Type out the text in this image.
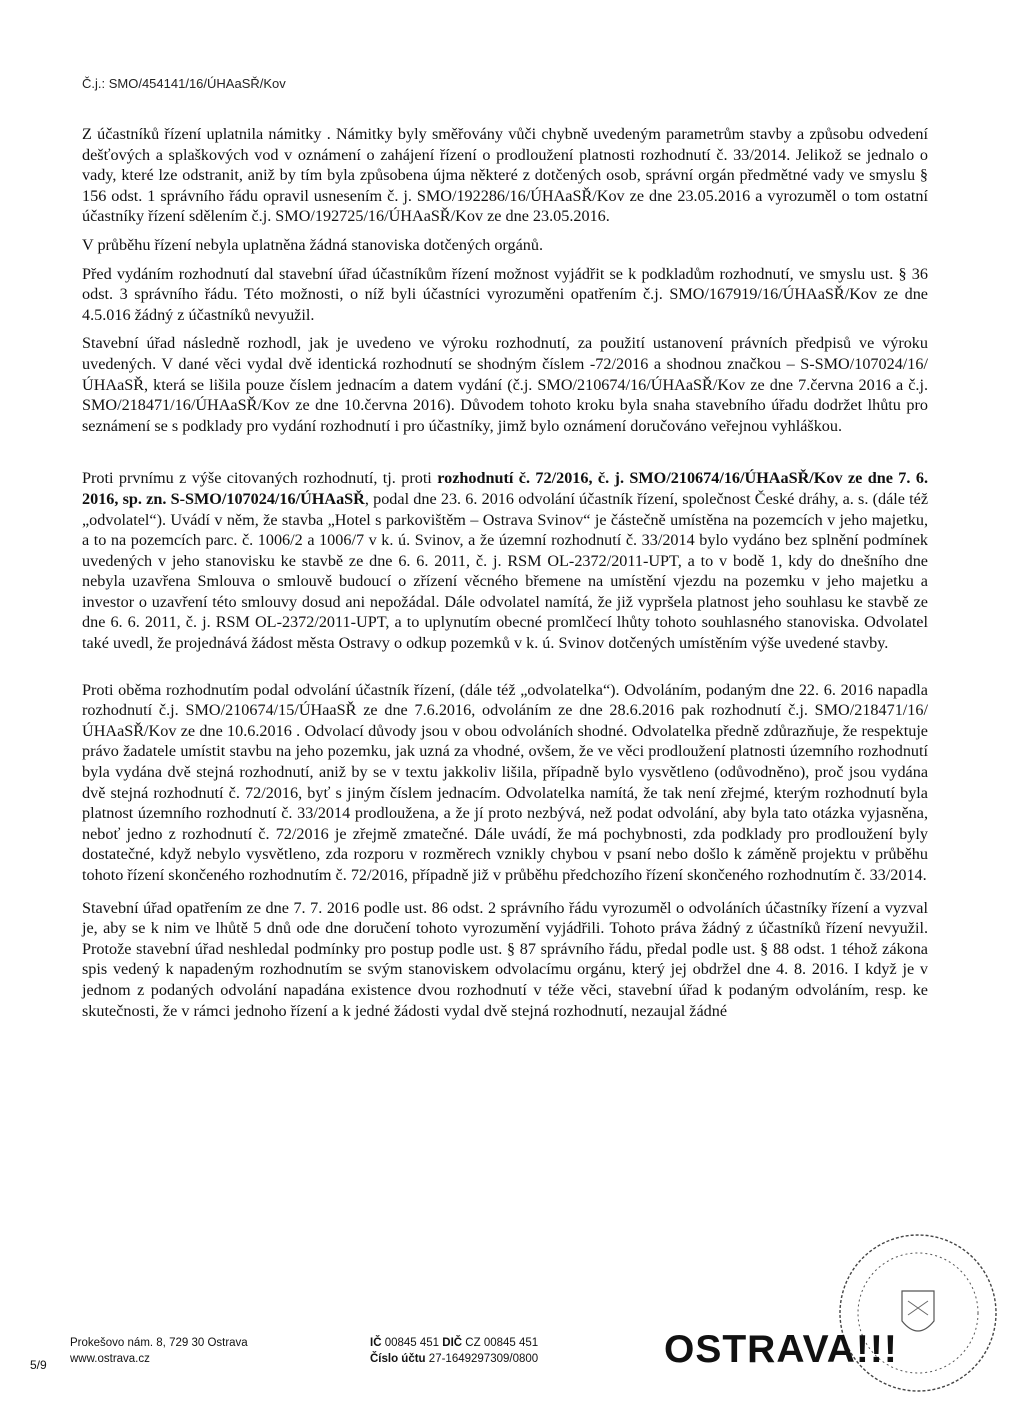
Č.j.: SMO/454141/16/ÚHAaSŘ/Kov

Z účastníků řízení uplatnila námitky . Námitky byly směřovány vůči chybně uvedeným parametrům stavby a způsobu odvedení dešťových a splaškových vod v oznámení o zahájení řízení o prodloužení platnosti rozhodnutí č. 33/2014. Jelikož se jednalo o vady, které lze odstranit, aniž by tím byla způsobena újma některé z dotčených osob, správní orgán předmětné vady ve smyslu § 156 odst. 1 správního řádu opravil usnesením č. j. SMO/192286/16/ÚHAaSŘ/Kov ze dne 23.05.2016 a vyrozuměl o tom ostatní účastníky řízení sdělením č.j. SMO/192725/16/ÚHAaSŘ/Kov ze dne 23.05.2016.

V průběhu řízení nebyla uplatněna žádná stanoviska dotčených orgánů.

Před vydáním rozhodnutí dal stavební úřad účastníkům řízení možnost vyjádřit se k podkladům rozhodnutí, ve smyslu ust. § 36 odst. 3 správního řádu. Této možnosti, o níž byli účastníci vyrozuměni opatřením č.j. SMO/167919/16/ÚHAaSŘ/Kov ze dne 4.5.016 žádný z účastníků nevyužil.

Stavební úřad následně rozhodl, jak je uvedeno ve výroku rozhodnutí, za použití ustanovení právních předpisů ve výroku uvedených. V dané věci vydal dvě identická rozhodnutí se shodným číslem -72/2016 a shodnou značkou – S-SMO/107024/16/ÚHAaSŘ, která se lišila pouze číslem jednacím a datem vydání (č.j. SMO/210674/16/ÚHAaSŘ/Kov ze dne 7.června 2016 a č.j. SMO/218471/16/ÚHAaSŘ/Kov ze dne 10.června 2016). Důvodem tohoto kroku byla snaha stavebního úřadu dodržet lhůtu pro seznámení se s podklady pro vydání rozhodnutí i pro účastníky, jimž bylo oznámení doručováno veřejnou vyhláškou.

Proti prvnímu z výše citovaných rozhodnutí, tj. proti rozhodnutí č. 72/2016, č. j. SMO/210674/16/ÚHAaSŘ/Kov ze dne 7. 6. 2016, sp. zn. S-SMO/107024/16/ÚHAaSŘ, podal dne 23. 6. 2016 odvolání účastník řízení, společnost České dráhy, a. s. (dále též „odvolatel“). Uvádí v něm, že stavba „Hotel s parkovištěm – Ostrava Svinov“ je částečně umístěna na pozemcích v jeho majetku, a to na pozemcích parc. č. 1006/2 a 1006/7 v k. ú. Svinov, a že územní rozhodnutí č. 33/2014 bylo vydáno bez splnění podmínek uvedených v jeho stanovisku ke stavbě ze dne 6. 6. 2011, č. j. RSM OL-2372/2011-UPT, a to v bodě 1, kdy do dnešního dne nebyla uzavřena Smlouva o smlouvě budoucí o zřízení věcného břemene na umístění vjezdu na pozemku v jeho majetku a investor o uzavření této smlouvy dosud ani nepožádal. Dále odvolatel namítá, že již vypršela platnost jeho souhlasu ke stavbě ze dne 6. 6. 2011, č. j. RSM OL-2372/2011-UPT, a to uplynutím obecné promlčecí lhůty tohoto souhlasného stanoviska. Odvolatel také uvedl, že projednává žádost města Ostravy o odkup pozemků v k. ú. Svinov dotčených umístěním výše uvedené stavby.

Proti oběma rozhodnutím podal odvolání účastník řízení, (dále též „odvolatelka“). Odvoláním, podaným dne 22. 6. 2016 napadla rozhodnutí č.j. SMO/210674/15/ÚHaaSŘ ze dne 7.6.2016, odvoláním ze dne 28.6.2016 pak rozhodnutí č.j. SMO/218471/16/ÚHAaSŘ/Kov ze dne 10.6.2016 . Odvolací důvody jsou v obou odvoláních shodné. Odvolatelka předně zdůrazňuje, že respektuje právo žadatele umístit stavbu na jeho pozemku, jak uzná za vhodné, ovšem, že ve věci prodloužení platnosti územního rozhodnutí byla vydána dvě stejná rozhodnutí, aniž by se v textu jakkoliv lišila, případně bylo vysvětleno (odůvodněno), proč jsou vydána dvě stejná rozhodnutí č. 72/2016, byť s jiným číslem jednacím. Odvolatelka namítá, že tak není zřejmé, kterým rozhodnutí byla platnost územního rozhodnutí č. 33/2014 prodloužena, a že jí proto nezbývá, než podat odvolání, aby byla tato otázka vyjasněna, neboť jedno z rozhodnutí č. 72/2016 je zřejmě zmatečné. Dále uvádí, že má pochybnosti, zda podklady pro prodloužení byly dostatečné, když nebylo vysvětleno, zda rozporu v rozměrech vznikly chybou v psaní nebo došlo k záměně projektu v průběhu tohoto řízení skončeného rozhodnutím č. 72/2016, případně již v průběhu předchozího řízení skončeného rozhodnutím č. 33/2014.

Stavební úřad opatřením ze dne 7. 7. 2016 podle ust. 86 odst. 2 správního řádu vyrozuměl o odvoláních účastníky řízení a vyzval je, aby se k nim ve lhůtě 5 dnů ode dne doručení tohoto vyrozumění vyjádřili. Tohoto práva žádný z účastníků řízení nevyužil. Protože stavební úřad neshledal podmínky pro postup podle ust. § 87 správního řádu, předal podle ust. § 88 odst. 1 téhož zákona spis vedený k napadeným rozhodnutím se svým stanoviskem odvolacímu orgánu, který jej obdržel dne 4. 8. 2016. I když je v jednom z podaných odvolání napadána existence dvou rozhodnutí v téže věci, stavební úřad k podaným odvoláním, resp. ke skutečnosti, že v rámci jednoho řízení a k jedné žádosti vydal dvě stejná rozhodnutí, nezaujal žádné

5/9
Prokešovo nám. 8, 729 30 Ostrava
www.ostrava.cz
IČ 00845 451 DIČ CZ 00845 451
Číslo účtu 27-1649297309/0800	OSTRAVA!!!
